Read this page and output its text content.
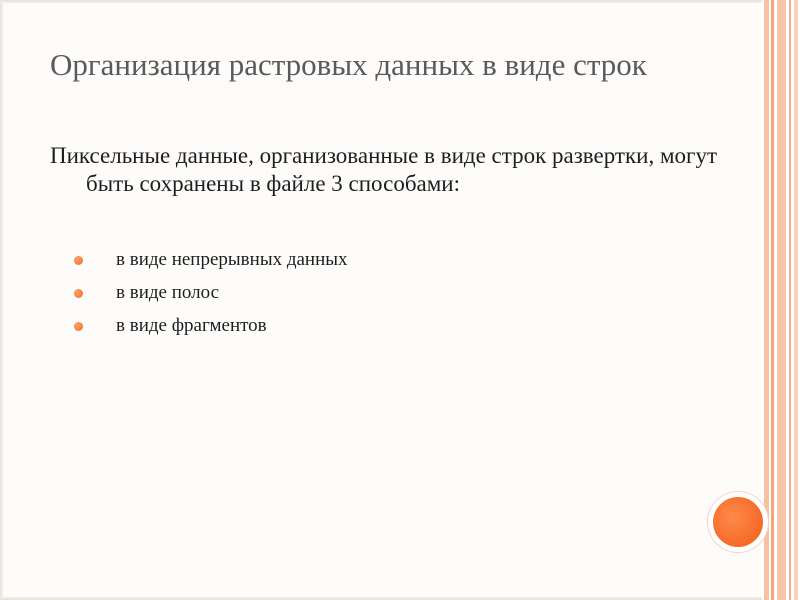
Организация растровых данных в виде строк

Пиксельные данные, организованные в виде строк развертки, могут быть сохранены в файле 3 способами:

в виде непрерывных данных
в виде полос
в виде фрагментов
